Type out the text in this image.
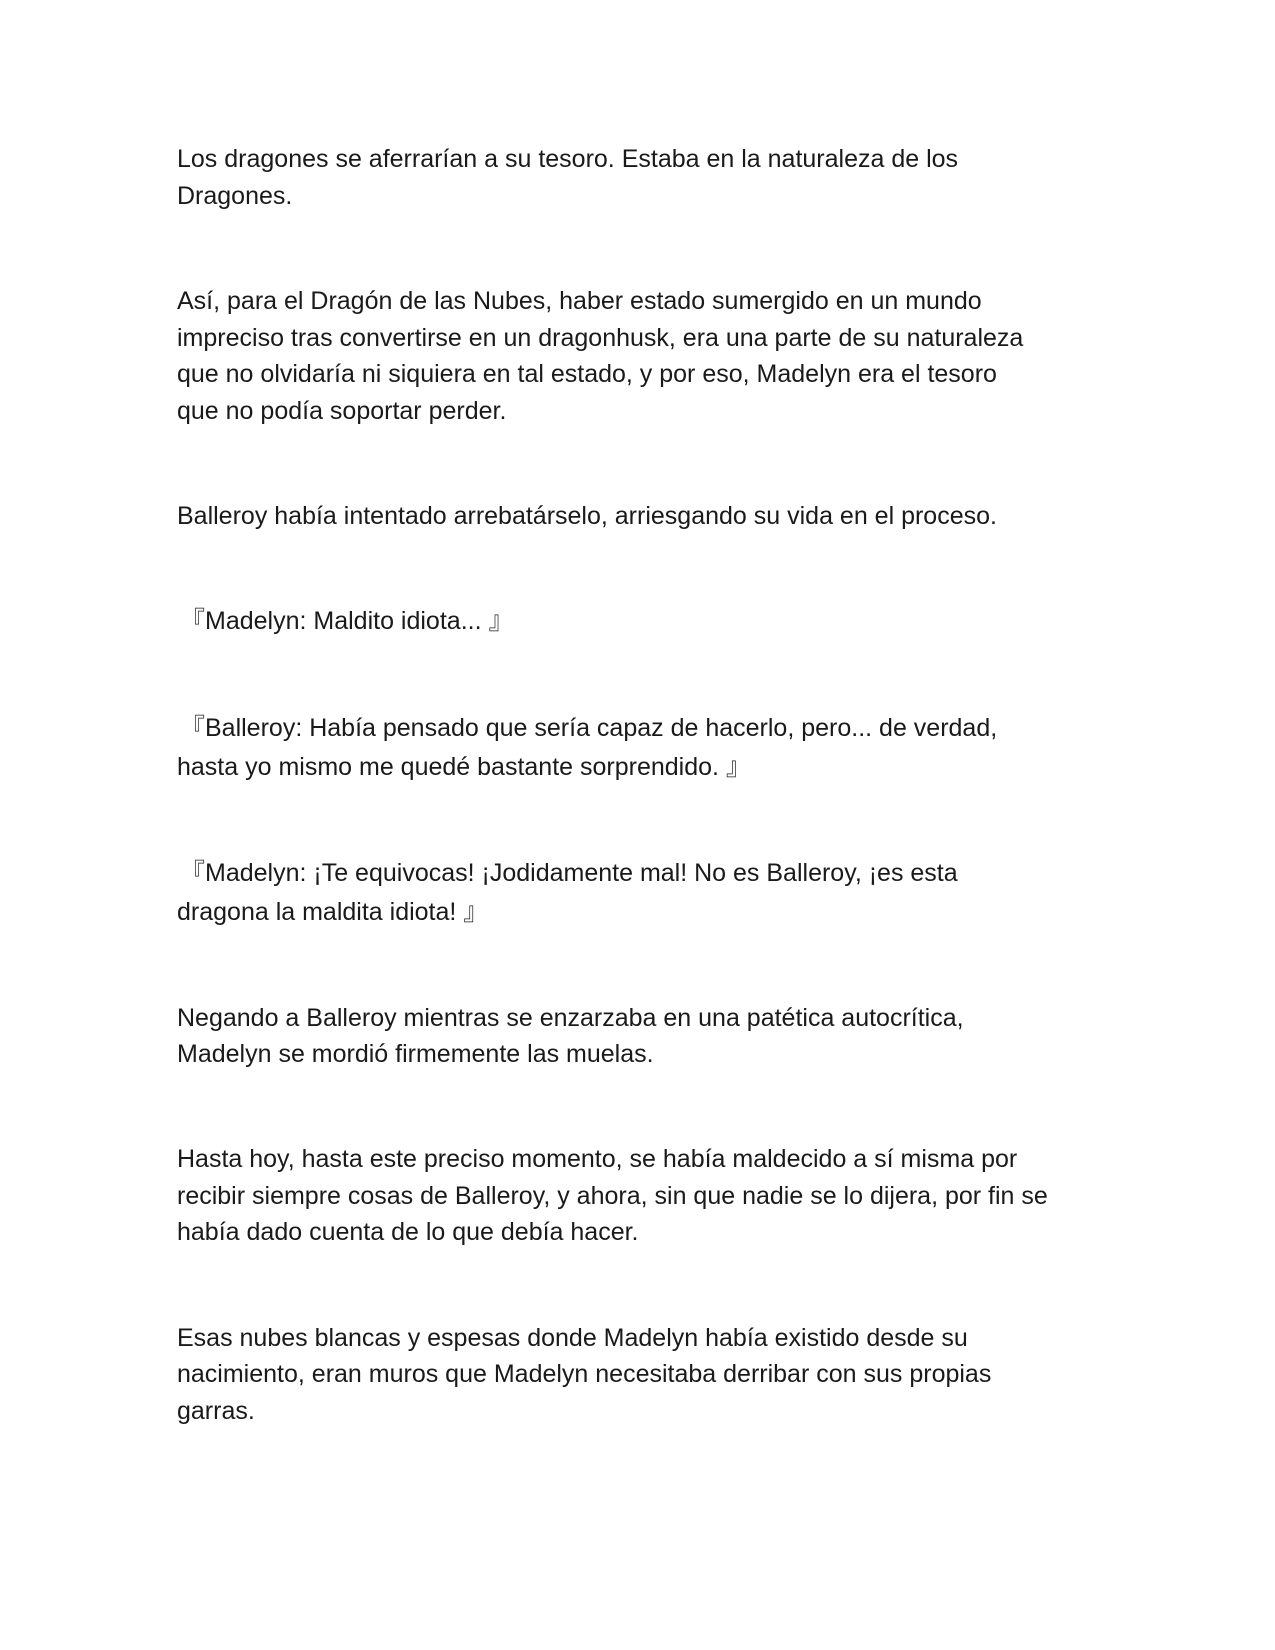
Los dragones se aferrarían a su tesoro. Estaba en la naturaleza de los
Dragones.
Así, para el Dragón de las Nubes, haber estado sumergido en un mundo
impreciso tras convertirse en un dragonhusk, era una parte de su naturaleza
que no olvidaría ni siquiera en tal estado, y por eso, Madelyn era el tesoro
que no podía soportar perder.
Balleroy había intentado arrebatárselo, arriesgando su vida en el proceso.
『Madelyn: Maldito idiota... 』
『Balleroy: Había pensado que sería capaz de hacerlo, pero... de verdad,
hasta yo mismo me quedé bastante sorprendido. 』
『Madelyn: ¡Te equivocas! ¡Jodidamente mal! No es Balleroy, ¡es esta
dragona la maldita idiota! 』
Negando a Balleroy mientras se enzarzaba en una patética autocrítica,
Madelyn se mordió firmemente las muelas.
Hasta hoy, hasta este preciso momento, se había maldecido a sí misma por
recibir siempre cosas de Balleroy, y ahora, sin que nadie se lo dijera, por fin se
había dado cuenta de lo que debía hacer.
Esas nubes blancas y espesas donde Madelyn había existido desde su
nacimiento, eran muros que Madelyn necesitaba derribar con sus propias
garras.
